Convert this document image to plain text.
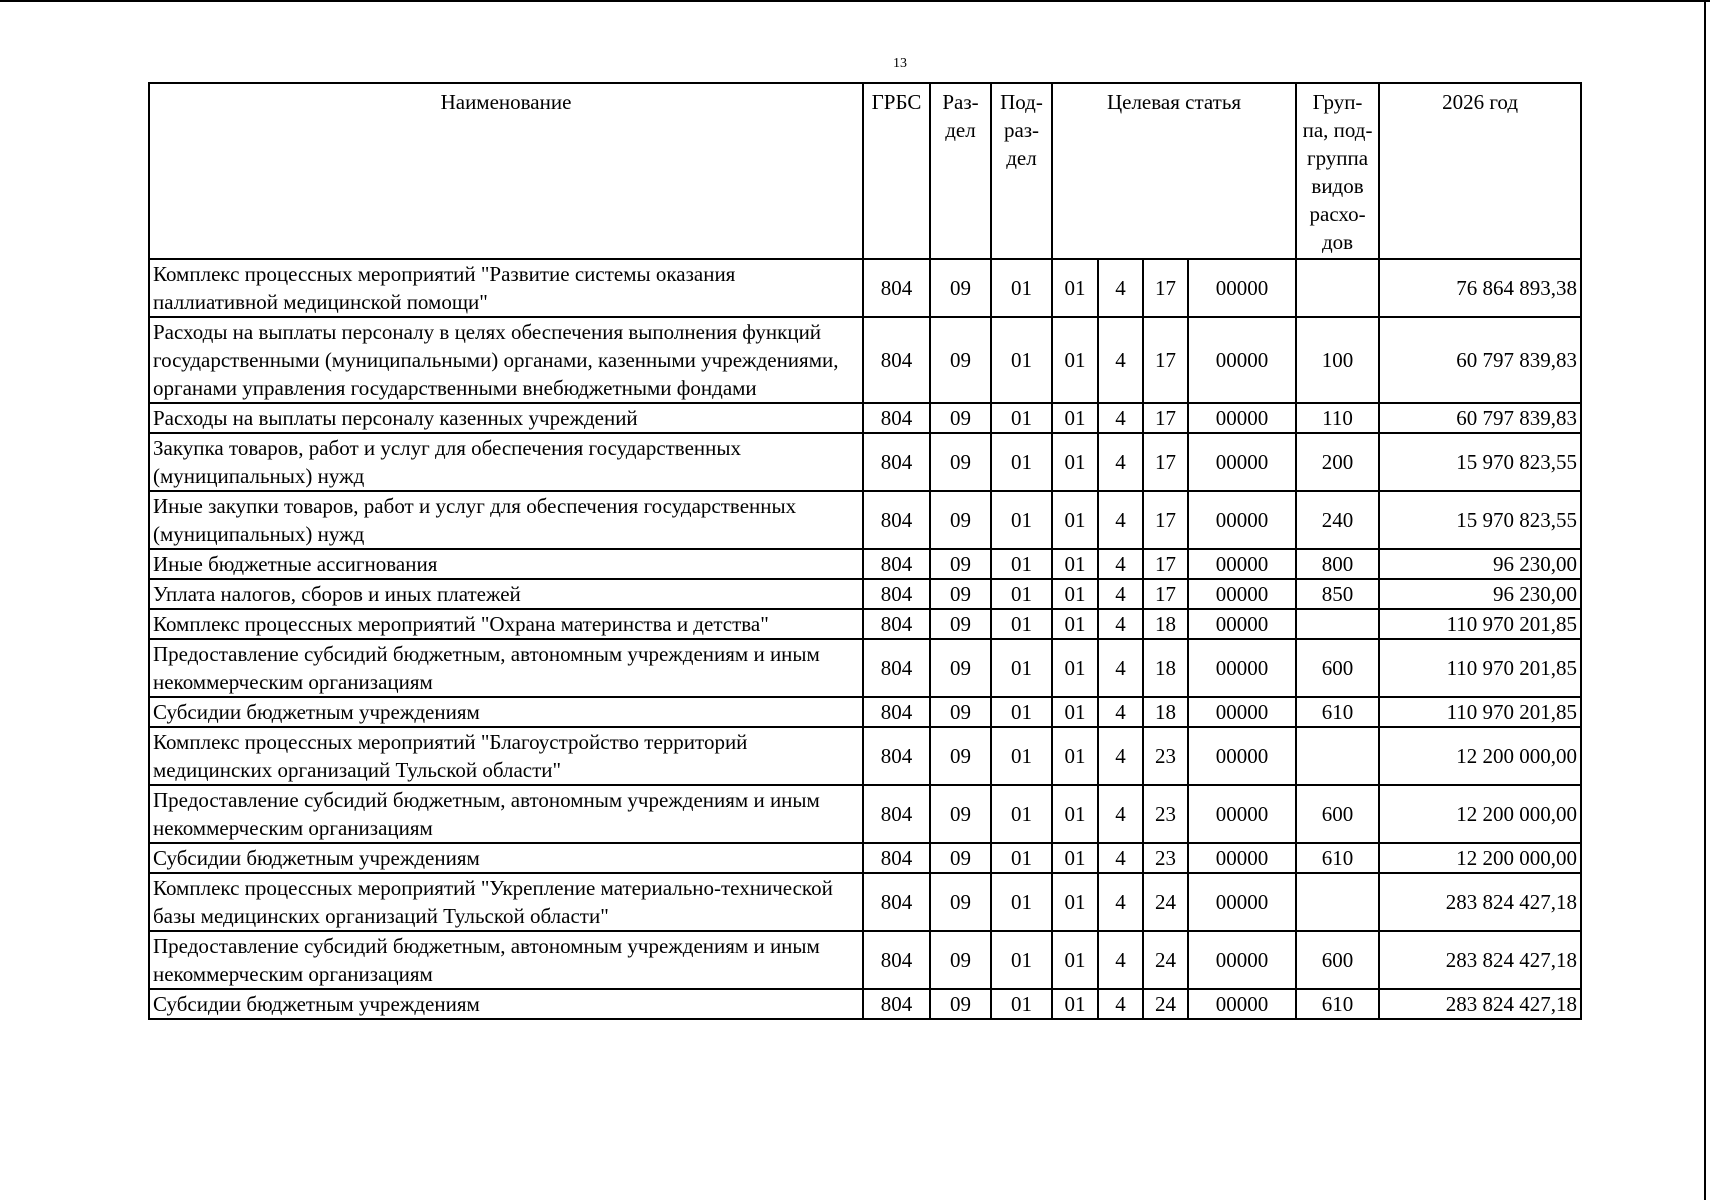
13
Наименование	ГРБС	Раз-дел	Под-раз-дел	Целевая статья				Груп-па, под-группа видов расхо-дов	2026 год
Комплекс процессных мероприятий "Развитие системы оказания паллиативной медицинской помощи"	804	09	01	01	4	17	00000		76 864 893,38
Расходы на выплаты персоналу в целях обеспечения выполнения функций государственными (муниципальными) органами, казенными учреждениями, органами управления государственными внебюджетными фондами	804	09	01	01	4	17	00000	100	60 797 839,83
Расходы на выплаты персоналу казенных учреждений	804	09	01	01	4	17	00000	110	60 797 839,83
Закупка товаров, работ и услуг для обеспечения государственных (муниципальных) нужд	804	09	01	01	4	17	00000	200	15 970 823,55
Иные закупки товаров, работ и услуг для обеспечения государственных (муниципальных) нужд	804	09	01	01	4	17	00000	240	15 970 823,55
Иные бюджетные ассигнования	804	09	01	01	4	17	00000	800	96 230,00
Уплата налогов, сборов и иных платежей	804	09	01	01	4	17	00000	850	96 230,00
Комплекс процессных мероприятий "Охрана материнства и детства"	804	09	01	01	4	18	00000		110 970 201,85
Предоставление субсидий бюджетным, автономным учреждениям и иным некоммерческим организациям	804	09	01	01	4	18	00000	600	110 970 201,85
Субсидии бюджетным учреждениям	804	09	01	01	4	18	00000	610	110 970 201,85
Комплекс процессных мероприятий "Благоустройство территорий медицинских организаций Тульской области"	804	09	01	01	4	23	00000		12 200 000,00
Предоставление субсидий бюджетным, автономным учреждениям и иным некоммерческим организациям	804	09	01	01	4	23	00000	600	12 200 000,00
Субсидии бюджетным учреждениям	804	09	01	01	4	23	00000	610	12 200 000,00
Комплекс процессных мероприятий "Укрепление материально-технической базы медицинских организаций Тульской области"	804	09	01	01	4	24	00000		283 824 427,18
Предоставление субсидий бюджетным, автономным учреждениям и иным некоммерческим организациям	804	09	01	01	4	24	00000	600	283 824 427,18
Субсидии бюджетным учреждениям	804	09	01	01	4	24	00000	610	283 824 427,18
